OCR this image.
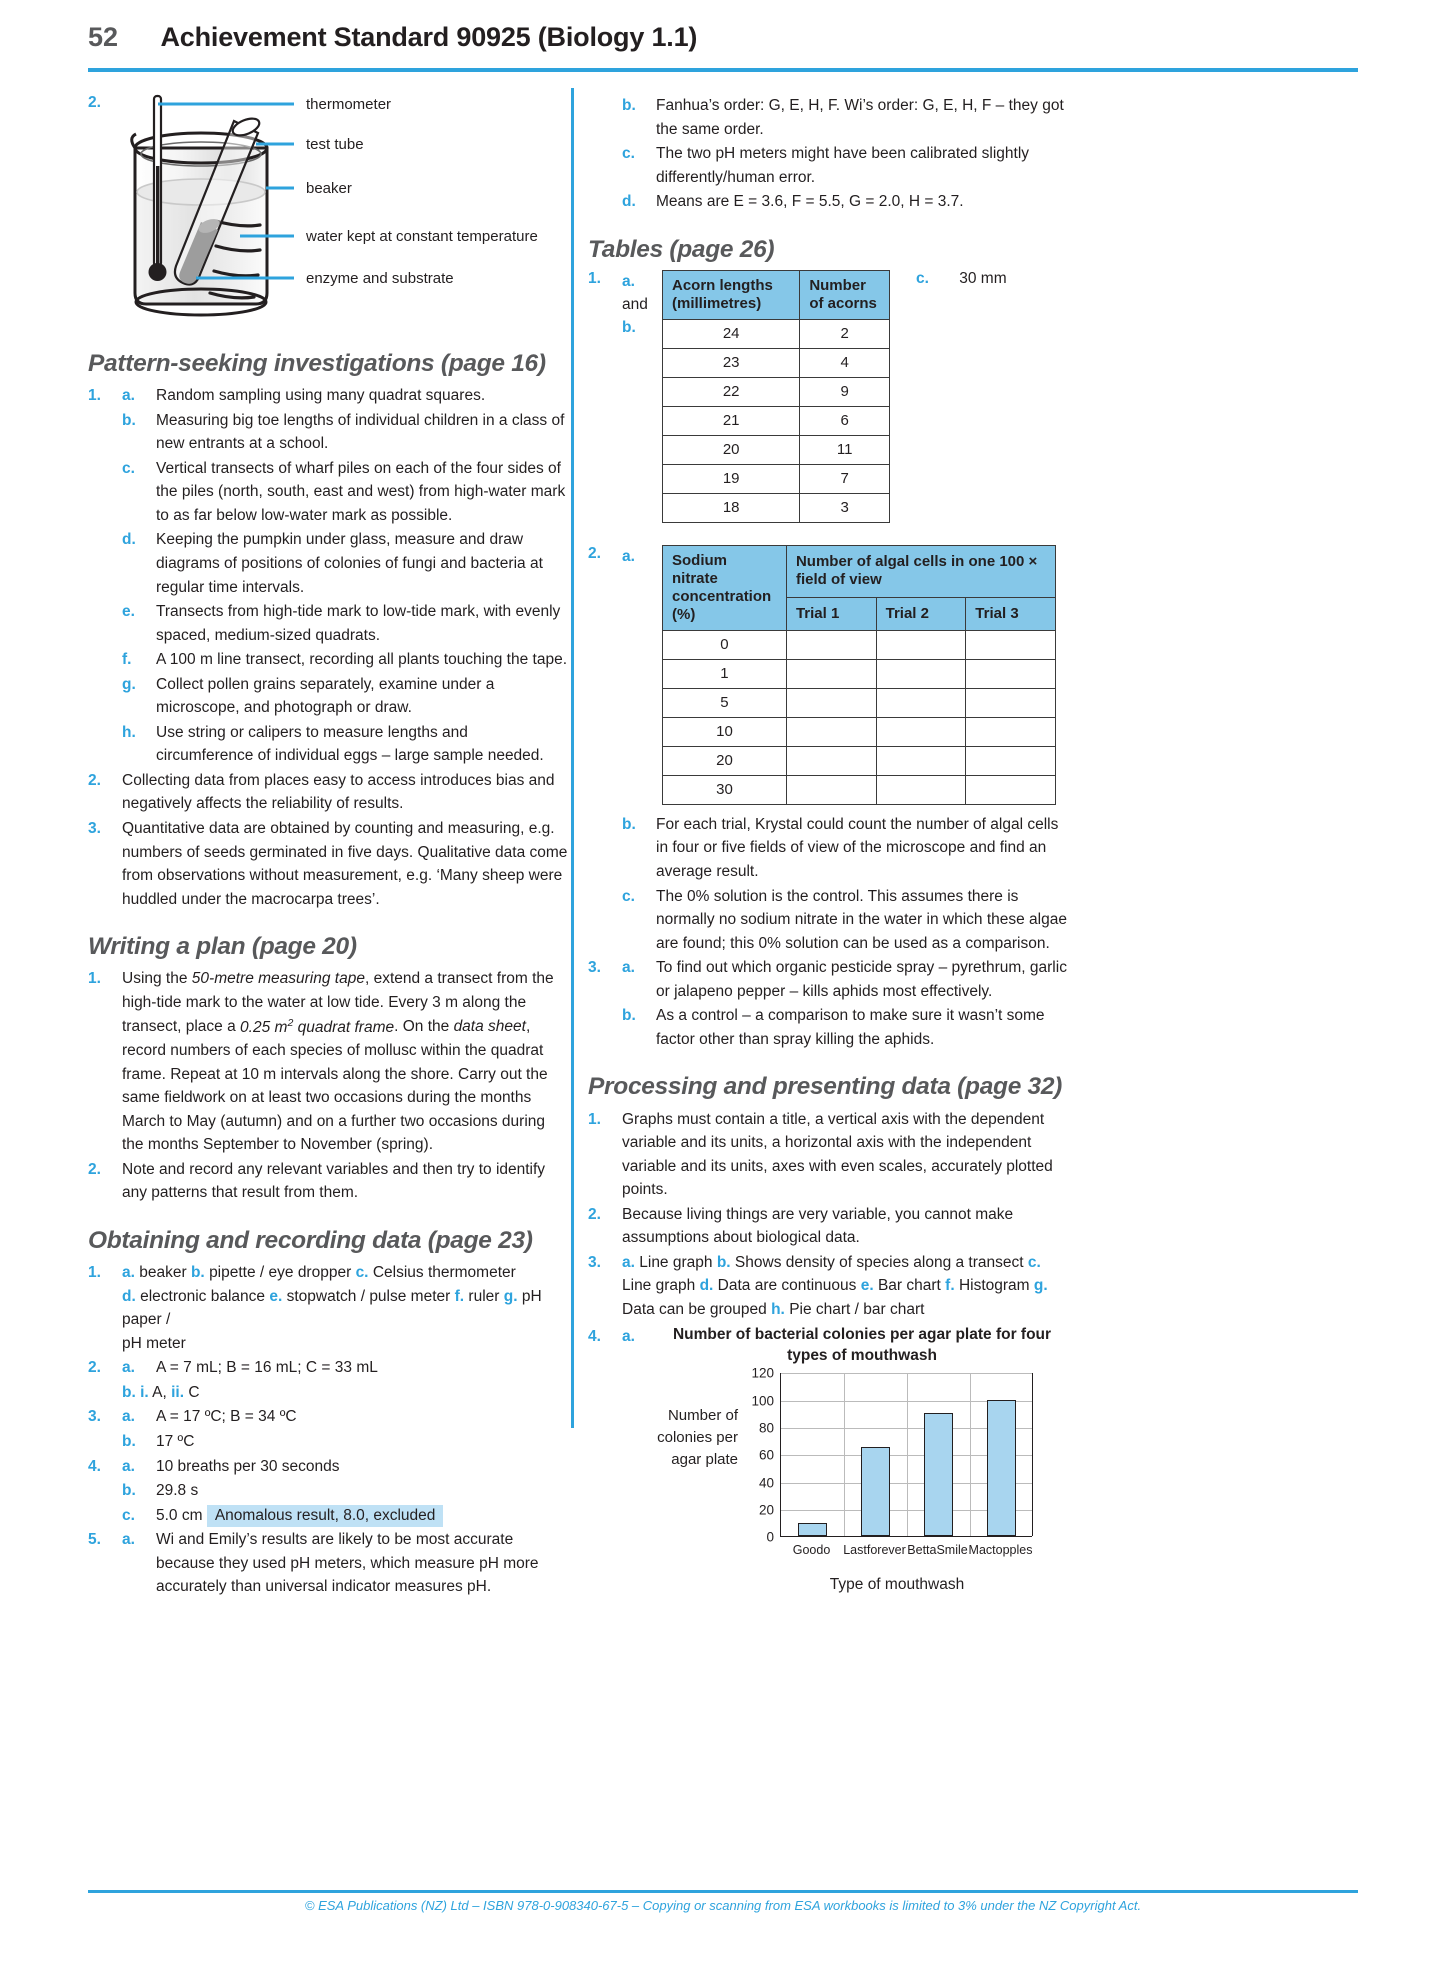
52 Achievement Standard 90925 (Biology 1.1)
2.	thermometer
test tube
beaker
water kept at constant temperature
enzyme and substrate
Pattern-seeking investigations (page 16)
1.	a.	Random sampling using many quadrat squares.
b.	Measuring big toe lengths of individual children in a class of new entrants at a school.
c.	Vertical transects of wharf piles on each of the four sides of the piles (north, south, east and west) from high-water mark to as far below low-water mark as possible.
d.	Keeping the pumpkin under glass, measure and draw diagrams of positions of colonies of fungi and bacteria at regular time intervals.
e.	Transects from high-tide mark to low-tide mark, with evenly spaced, medium-sized quadrats.
f.	A 100 m line transect, recording all plants touching the tape.
g.	Collect pollen grains separately, examine under a microscope, and photograph or draw.
h.	Use string or calipers to measure lengths and circumference of individual eggs – large sample needed.
2.	Collecting data from places easy to access introduces bias and negatively affects the reliability of results.
3.	Quantitative data are obtained by counting and measuring, e.g. numbers of seeds germinated in five days. Qualitative data come from observations without measurement, e.g. ‘Many sheep were huddled under the macrocarpa trees’.
Writing a plan (page 20)
1.	Using the 50-metre measuring tape, extend a transect from the high-tide mark to the water at low tide. Every 3 m along the transect, place a 0.25 $m^2$ quadrat frame. On the data sheet, record numbers of each species of mollusc within the quadrat frame. Repeat at 10 m intervals along the shore. Carry out the same fieldwork on at least two occasions during the months March to May (autumn) and on a further two occasions during the months September to November (spring).
2.	Note and record any relevant variables and then try to identify any patterns that result from them.
Obtaining and recording data (page 23)
1.	a. beaker b. pipette / eye dropper c. Celsius thermometer
d. electronic balance e. stopwatch / pulse meter f. ruler g. pH paper /
pH meter
2.	a.	A = 7 mL; B = 16 mL; C = 33 mL
b. i. A, ii. C
3.	a.	A = 17 ºC; B = 34 ºC
b.	17 ºC
4.	a.	10 breaths per 30 seconds
b.	29.8 s
c.	5.0 cm Anomalous result, 8.0, excluded
5.	a.	Wi and Emily’s results are likely to be most accurate because they used pH meters, which measure pH more accurately than universal indicator measures pH.
b.	Fanhua’s order: G, E, H, F. Wi’s order: G, E, H, F – they got the same order.
c.	The two pH meters might have been calibrated slightly differently/human error.
d.	Means are E = 3.6, F = 5.5, G = 2.0, H = 3.7.
Tables (page 26)
1.	a.
and
b.
Acorn lengths (millimetres)	Number of acorns
24	2
23	4
22	9
21	6
20	11
19	7
18	3
c. 30 mm
2.	a.	Sodium nitrate concentration (%)	Number of algal cells in one 100 × field of view		
	Trial 1	Trial 2	Trial 3
0			
1			
5			
10			
20			
30			
b.	For each trial, Krystal could count the number of algal cells in four or five fields of view of the microscope and find an average result.
c.	The 0% solution is the control. This assumes there is normally no sodium nitrate in the water in which these algae are found; this 0% solution can be used as a comparison.
3.	a.	To find out which organic pesticide spray – pyrethrum, garlic or jalapeno pepper – kills aphids most effectively.
b.	As a control – a comparison to make sure it wasn’t some factor other than spray killing the aphids.
Processing and presenting data (page 32)
1.	Graphs must contain a title, a vertical axis with the dependent variable and its units, a horizontal axis with the independent variable and its units, axes with even scales, accurately plotted points.
2.	Because living things are very variable, you cannot make assumptions about biological data.
3.	a. Line graph b. Shows density of species along a transect c. Line graph d. Data are continuous e. Bar chart f. Histogram g. Data can be grouped h. Pie chart / bar chart
4.	a.	Number of bacterial colonies per agar plate for four types of mouthwash
Number of colonies per agar plate
0
20
40
60
80
100
120
Goodo Lastforever BettaSmile Mactopples
Type of mouthwash
© ESA Publications (NZ) Ltd – ISBN 978-0-908340-67-5 – Copying or scanning from ESA workbooks is limited to 3% under the NZ Copyright Act.
